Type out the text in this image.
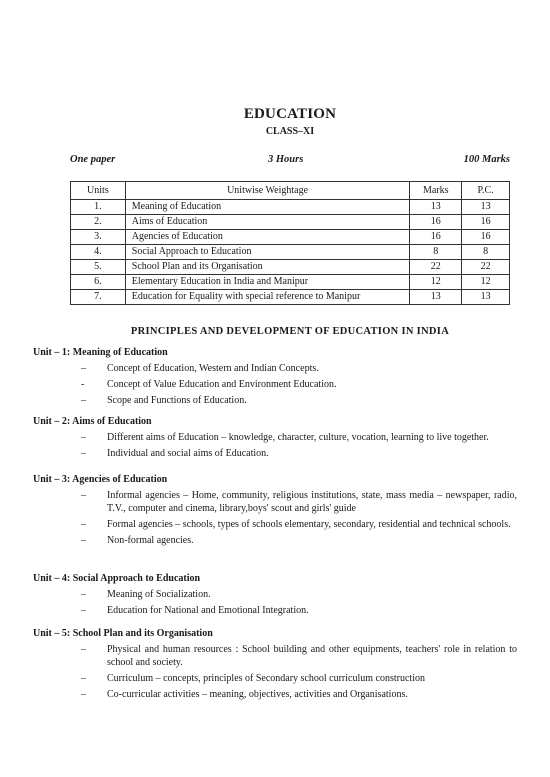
EDUCATION
CLASS–XI
One paper	3 Hours	100 Marks
Units	Unitwise Weightage	Marks	P.C.
1.	Meaning of Education	13	13
2.	Aims of Education	16	16
3.	Agencies of Education	16	16
4.	Social Approach to Education	8	8
5.	School Plan and its Organisation	22	22
6.	Elementary Education in India and Manipur	12	12
7.	Education for Equality with special reference to Manipur	13	13
PRINCIPLES AND DEVELOPMENT OF EDUCATION IN INDIA
Unit – 1: Meaning of Education
– Concept of Education, Western and Indian Concepts.
- Concept of Value Education and Environment Education.
– Scope and Functions of Education.
Unit – 2: Aims of Education
– Different aims of Education – knowledge, character, culture, vocation, learning to live together.
– Individual and social aims of Education.
Unit – 3: Agencies of Education
– Informal agencies – Home, community, religious institutions, state, mass media – newspaper, radio, T.V., computer and cinema, library,boys' scout and girls' guide
– Formal agencies – schools, types of schools elementary, secondary, residential and technical schools.
– Non-formal agencies.
Unit – 4: Social Approach to Education
– Meaning of Socialization.
– Education for National and Emotional Integration.
Unit – 5: School Plan and its Organisation
– Physical and human resources : School building and other equipments, teachers' role in relation to school and society.
– Curriculum – concepts, principles of Secondary school curriculum construction
– Co-curricular activities – meaning, objectives, activities and Organisations.
